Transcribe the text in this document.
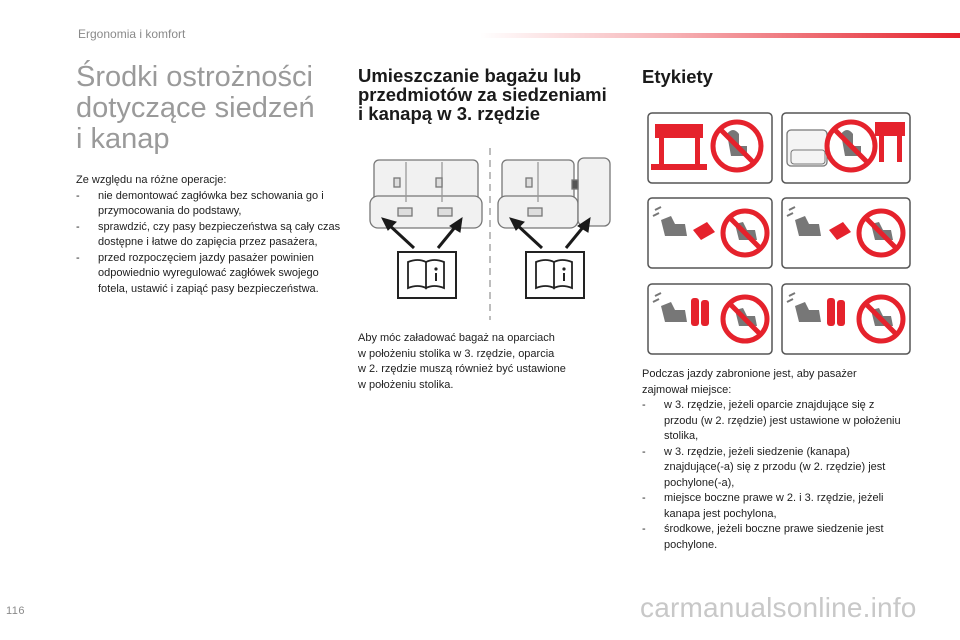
Ergonomia i komfort
Środki ostrożności
dotyczące siedzeń
i kanap

Ze względu na różne operacje:

- nie demontować zagłówka bez schowania go i przymocowania do podstawy,
- sprawdzić, czy pasy bezpieczeństwa są cały czas dostępne i łatwe do zapięcia przez pasażera,
- przed rozpoczęciem jazdy pasażer powinien odpowiednio wyregulować zagłówek swojego fotela, ustawić i zapiąć pasy bezpieczeństwa.
Umieszczanie bagażu lub
przedmiotów za siedzeniami
i kanapą w 3. rzędzie
Aby móc załadować bagaż na oparciach
w położeniu stolika w 3. rzędzie, oparcia
w 2. rzędzie muszą również być ustawione
w położeniu stolika.
Etykiety
Podczas jazdy zabronione jest, aby pasażer
zajmował miejsce:
- w 3. rzędzie, jeżeli oparcie znajdujące się z przodu (w 2. rzędzie) jest ustawione w położeniu stolika,
- w 3. rzędzie, jeżeli siedzenie (kanapa) znajdujące(-a) się z przodu (w 2. rzędzie) jest pochylone(-a),
- miejsce boczne prawe w 2. i 3. rzędzie, jeżeli kanapa jest pochylona,
- środkowe, jeżeli boczne prawe siedzenie jest pochylone.
116	carmanualsonline.info
